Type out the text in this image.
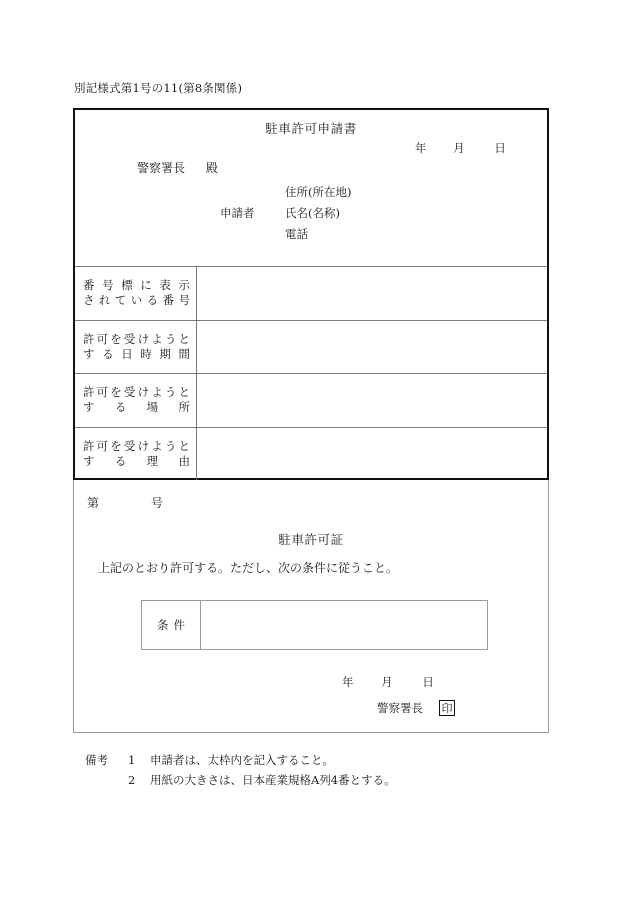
別記様式第1号の11(第8条関係)
駐車許可申請書
年 月	日
警察署長 殿
申請者
住所(所在地)
氏名(名称)
電話
番号標に表示
されている番号
許可を受けようと
する日時期間
許可を受けようと
する場所
許可を受けようと
する理由
第	号
駐車許可証
上記のとおり許可する。ただし、次の条件に従うこと。
条件
年 月	日
警察署長 印
備考 1 申請者は、太枠内を記入すること。
2 用紙の大きさは、日本産業規格A列4番とする。
